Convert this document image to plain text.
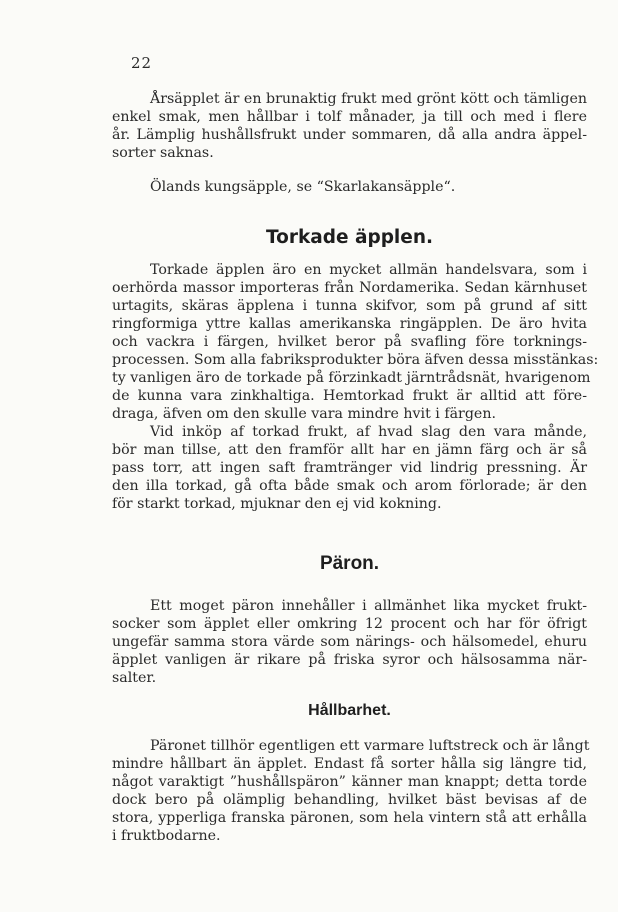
22
Årsäpplet är en brunaktig frukt med grönt kött och tämligen
enkel smak, men hållbar i tolf månader, ja till och med i flere
år. Lämplig hushållsfrukt under sommaren, då alla andra äppel-
sorter saknas.
Ölands kungsäpple, se “Skarlakansäpple“.
Torkade äpplen.
Torkade äpplen äro en mycket allmän handelsvara, som i
oerhörda massor importeras från Nordamerika. Sedan kärnhuset
urtagits, skäras äpplena i tunna skifvor, som på grund af sitt
ringformiga yttre kallas amerikanska ringäpplen. De äro hvita
och vackra i färgen, hvilket beror på svafling före torknings-
processen. Som alla fabriksprodukter böra äfven dessa misstänkas:
ty vanligen äro de torkade på förzinkadt järntrådsnät, hvarigenom
de kunna vara zinkhaltiga. Hemtorkad frukt är alltid att före-
draga, äfven om den skulle vara mindre hvit i färgen.
Vid inköp af torkad frukt, af hvad slag den vara månde,
bör man tillse, att den framför allt har en jämn färg och är så
pass torr, att ingen saft framtränger vid lindrig pressning. Är
den illa torkad, gå ofta både smak och arom förlorade; är den
för starkt torkad, mjuknar den ej vid kokning.
Päron.
Ett moget päron innehåller i allmänhet lika mycket frukt-
socker som äpplet eller omkring 12 procent och har för öfrigt
ungefär samma stora värde som närings- och hälsomedel, ehuru
äpplet vanligen är rikare på friska syror och hälsosamma när-
salter.
Hållbarhet.
Päronet tillhör egentligen ett varmare luftstreck och är långt
mindre hållbart än äpplet. Endast få sorter hålla sig längre tid,
något varaktigt ”hushållspäron” känner man knappt; detta torde
dock bero på olämplig behandling, hvilket bäst bevisas af de
stora, ypperliga franska päronen, som hela vintern stå att erhålla
i fruktbodarne.
